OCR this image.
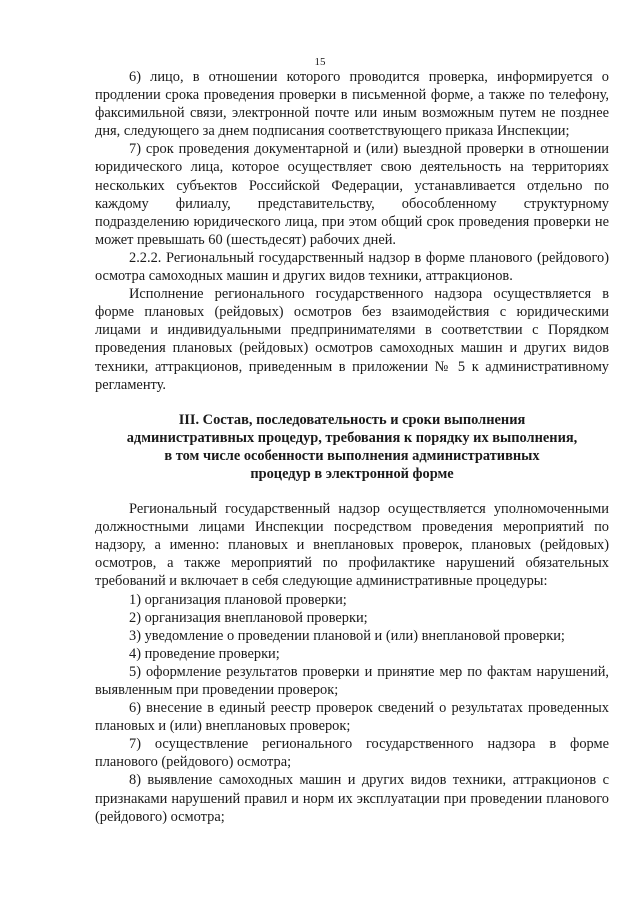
15

6) лицо, в отношении которого проводится проверка, информируется о продлении срока проведения проверки в письменной форме, а также по телефону, факсимильной связи, электронной почте или иным возможным путем не позднее дня, следующего за днем подписания соответствующего приказа Инспекции;

7) срок проведения документарной и (или) выездной проверки в отношении юридического лица, которое осуществляет свою деятельность на территориях нескольких субъектов Российской Федерации, устанавливается отдельно по каждому филиалу, представительству, обособленному структурному подразделению юридического лица, при этом общий срок проведения проверки не может превышать 60 (шестьдесят) рабочих дней.

2.2.2. Региональный государственный надзор в форме планового (рейдового) осмотра самоходных машин и других видов техники, аттракционов.

Исполнение регионального государственного надзора осуществляется в форме плановых (рейдовых) осмотров без взаимодействия с юридическими лицами и индивидуальными предпринимателями в соответствии с Порядком проведения плановых (рейдовых) осмотров самоходных машин и других видов техники, аттракционов, приведенным в приложении № 5 к административному регламенту.

III. Состав, последовательность и сроки выполнения

административных процедур, требования к порядку их выполнения,

в том числе особенности выполнения административных

процедур в электронной форме

Региональный государственный надзор осуществляется уполномоченными должностными лицами Инспекции посредством проведения мероприятий по надзору, а именно: плановых и внеплановых проверок, плановых (рейдовых) осмотров, а также мероприятий по профилактике нарушений обязательных требований и включает в себя следующие административные процедуры:

1) организация плановой проверки;

2) организация внеплановой проверки;

3) уведомление о проведении плановой и (или) внеплановой проверки;

4) проведение проверки;

5) оформление результатов проверки и принятие мер по фактам нарушений, выявленным при проведении проверок;

6) внесение в единый реестр проверок сведений о результатах проведенных плановых и (или) внеплановых проверок;

7) осуществление регионального государственного надзора в форме планового (рейдового) осмотра;

8) выявление самоходных машин и других видов техники, аттракционов с признаками нарушений правил и норм их эксплуатации при проведении планового (рейдового) осмотра;
